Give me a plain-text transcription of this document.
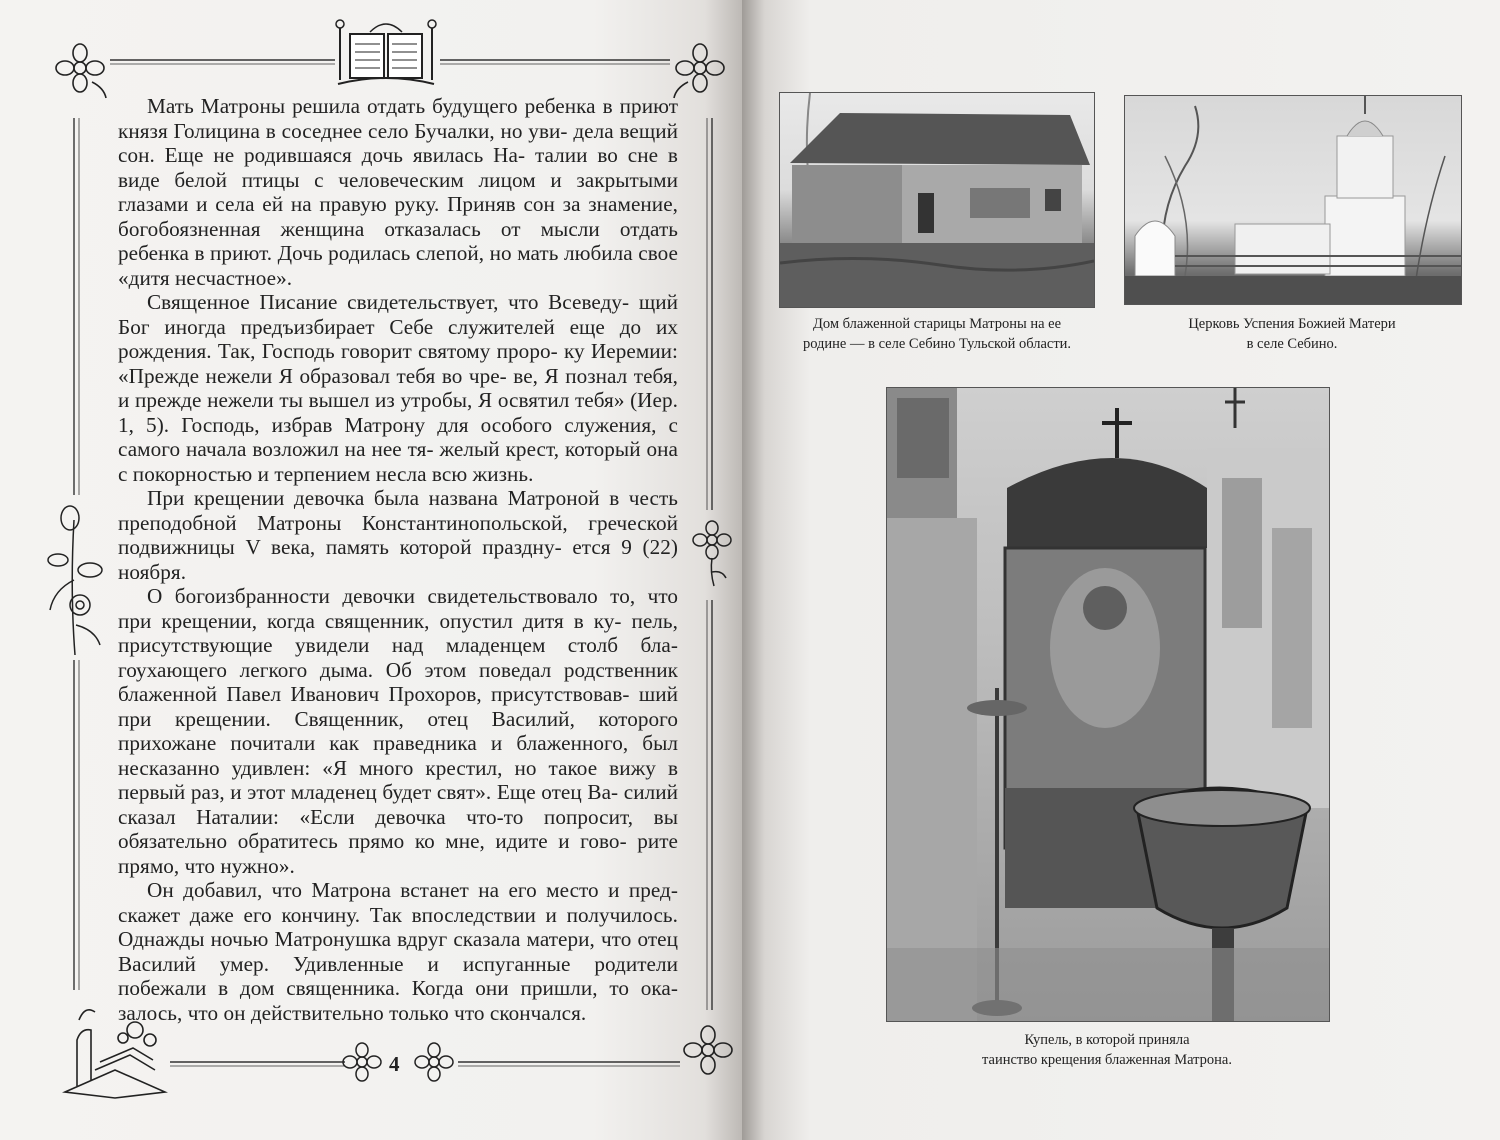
Мать Матроны решила отдать будущего ребенка в приют князя Голицина в соседнее село Бучалки, но уви- дела вещий сон. Еще не родившаяся дочь явилась На- талии во сне в виде белой птицы с человеческим лицом и закрытыми глазами и села ей на правую руку. Приняв сон за знамение, богобоязненная женщина отказалась от мысли отдать ребенка в приют. Дочь родилась слепой, но мать любила свое «дитя несчастное».

Священное Писание свидетельствует, что Всеведу- щий Бог иногда предъизбирает Себе служителей еще до их рождения. Так, Господь говорит святому проро- ку Иеремии: «Прежде нежели Я образовал тебя во чре- ве, Я познал тебя, и прежде нежели ты вышел из утробы, Я освятил тебя» (Иер. 1, 5). Господь, избрав Матрону для особого служения, с самого начала возложил на нее тя- желый крест, который она с покорностью и терпением несла всю жизнь.

При крещении девочка была названа Матроной в честь преподобной Матроны Константинопольской, греческой подвижницы V века, память которой праздну- ется 9 (22) ноября.

О богоизбранности девочки свидетельствовало то, что при крещении, когда священник, опустил дитя в ку- пель, присутствующие увидели над младенцем столб бла- гоухающего легкого дыма. Об этом поведал родственник блаженной Павел Иванович Прохоров, присутствовав- ший при крещении. Священник, отец Василий, которого прихожане почитали как праведника и блаженного, был несказанно удивлен: «Я много крестил, но такое вижу в первый раз, и этот младенец будет свят». Еще отец Ва- силий сказал Наталии: «Если девочка что-то попросит, вы обязательно обратитесь прямо ко мне, идите и гово- рите прямо, что нужно».

Он добавил, что Матрона встанет на его место и пред- скажет даже его кончину. Так впоследствии и получилось. Однажды ночью Матронушка вдруг сказала матери, что отец Василий умер. Удивленные и испуганные родители побежали в дом священника. Когда они пришли, то ока- залось, что он действительно только что скончался.

4
Дом блаженной старицы Матроны на ее
родине — в селе Себино Тульской области.
Церковь Успения Божией Матери
в селе Себино.
Купель, в которой приняла
таинство крещения блаженная Матрона.
